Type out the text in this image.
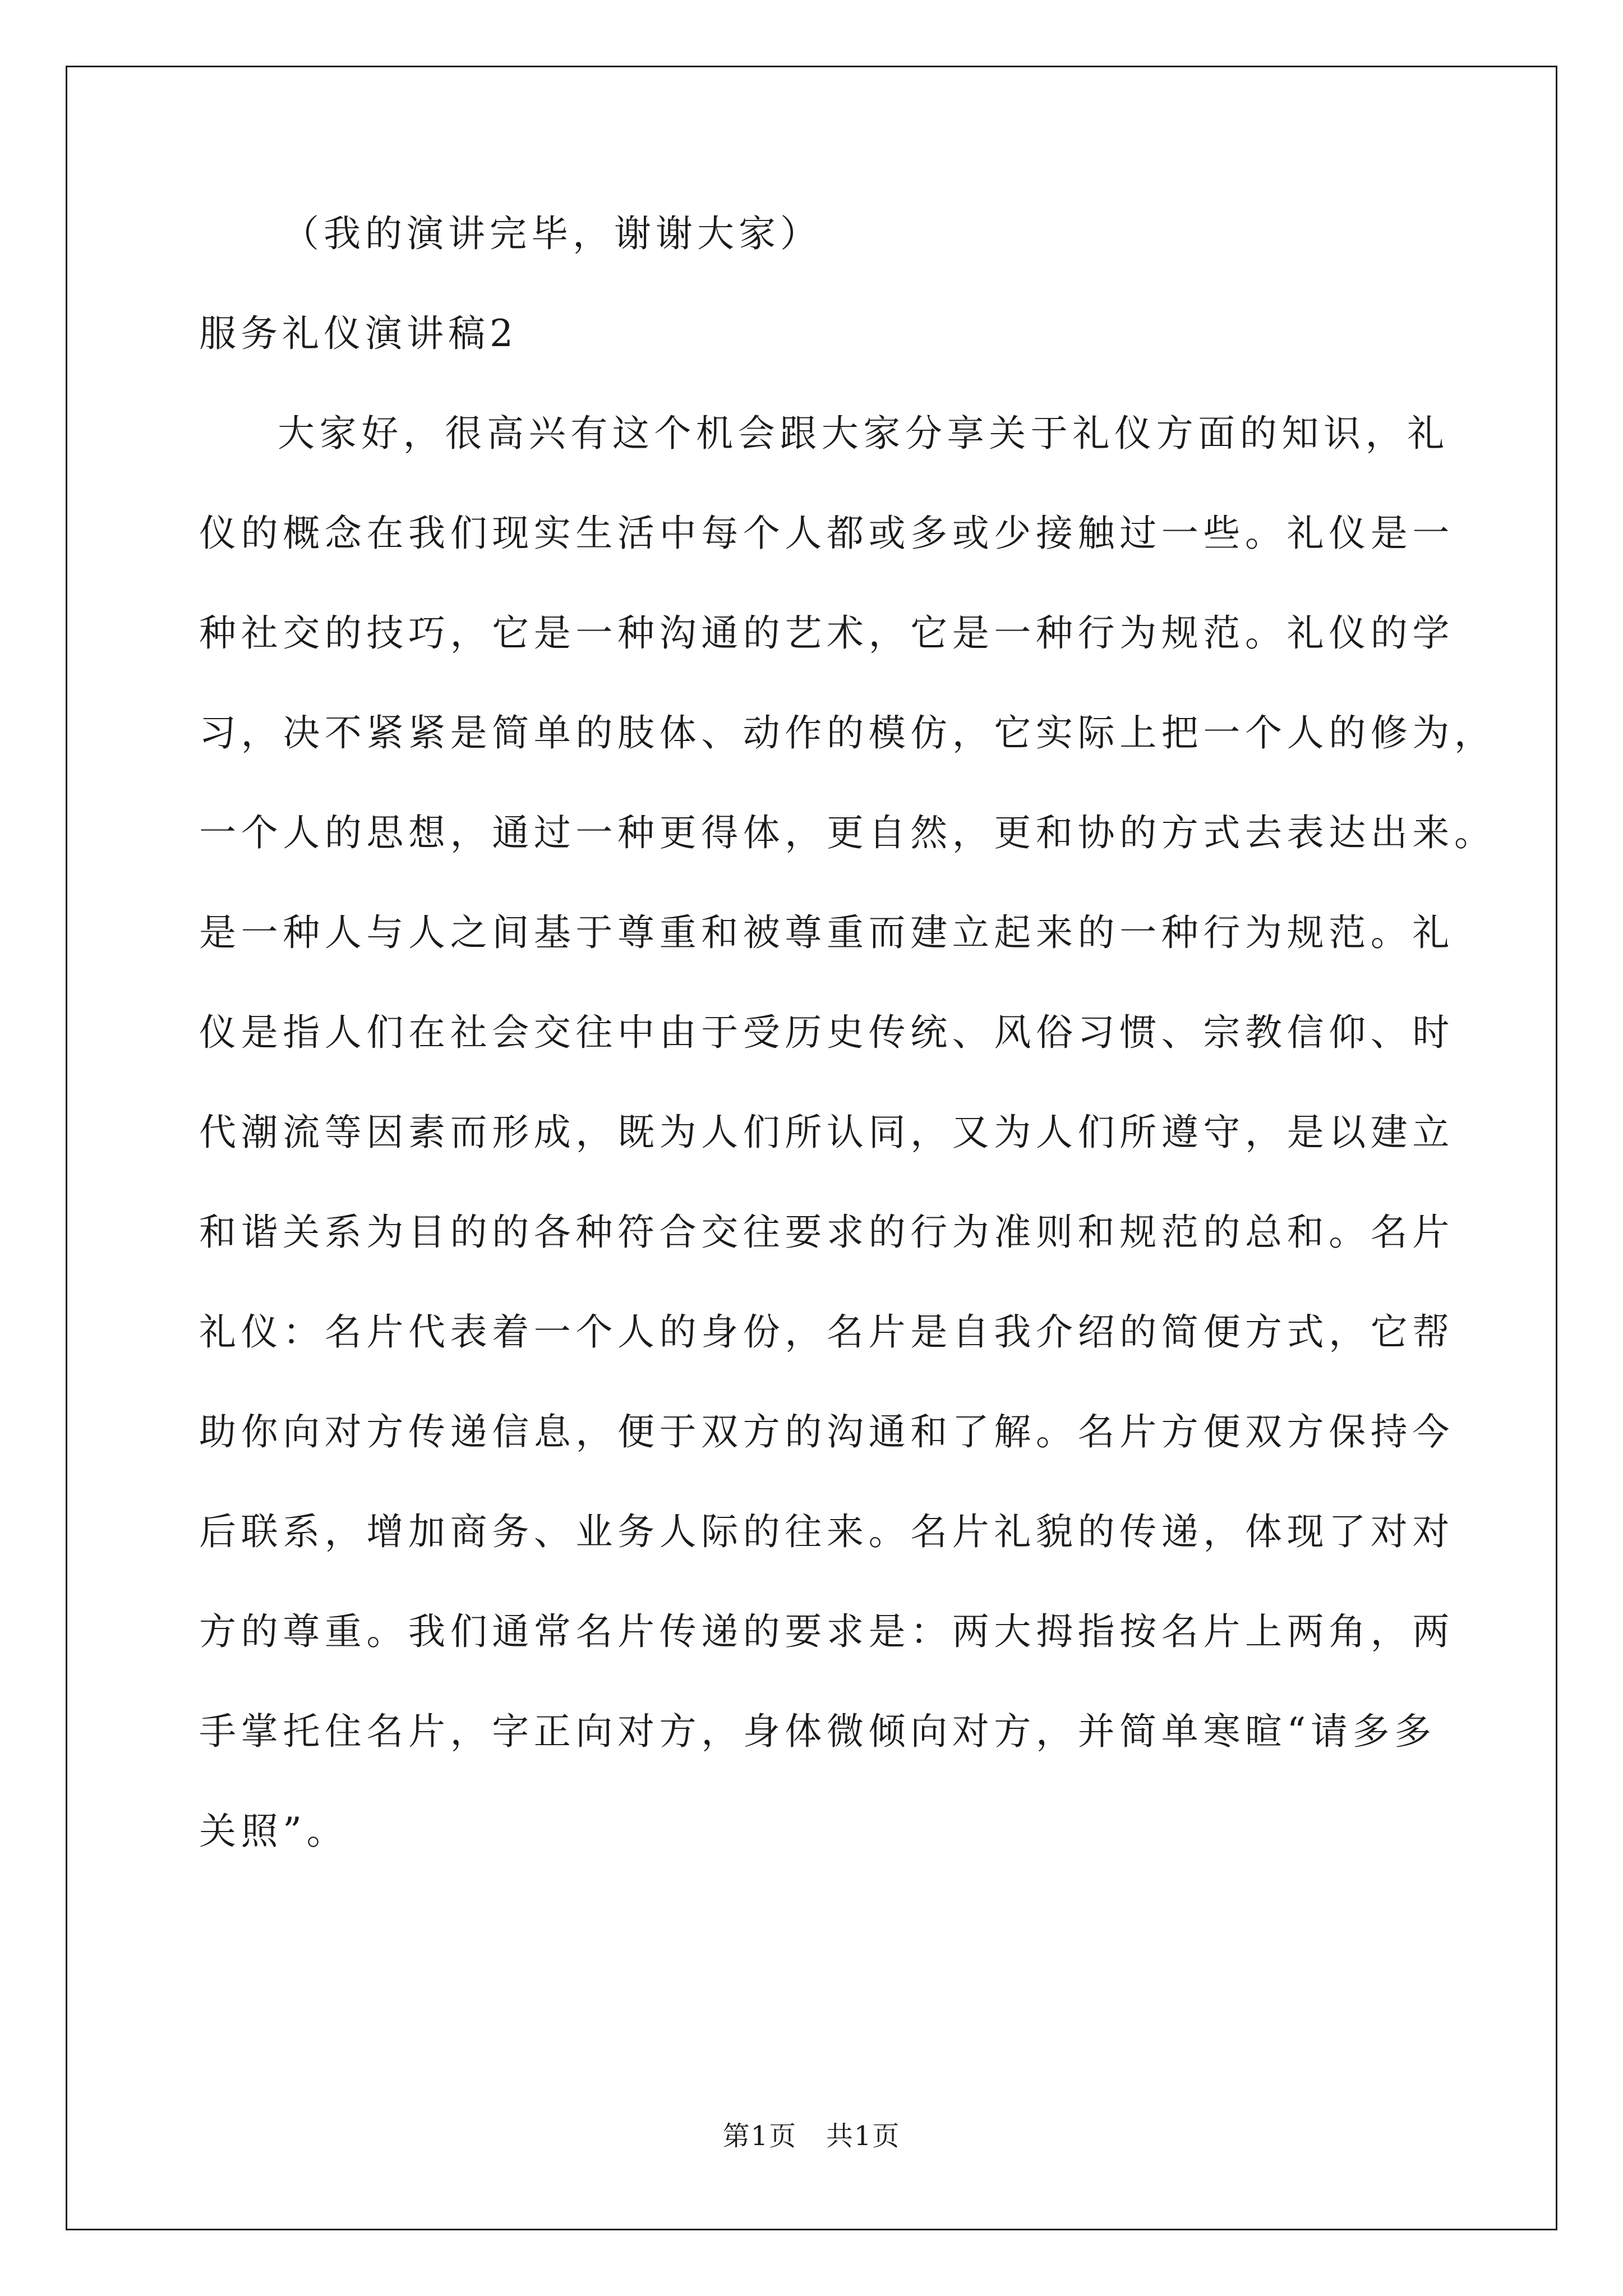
（我的演讲完毕，谢谢大家）
服务礼仪演讲稿2
大家好，很高兴有这个机会跟大家分享关于礼仪方面的知识，礼
仪的概念在我们现实生活中每个人都或多或少接触过一些。礼仪是一
种社交的技巧，它是一种沟通的艺术，它是一种行为规范。礼仪的学
习，决不紧紧是简单的肢体、动作的模仿，它实际上把一个人的修为，
一个人的思想，通过一种更得体，更自然，更和协的方式去表达出来。
是一种人与人之间基于尊重和被尊重而建立起来的一种行为规范。礼
仪是指人们在社会交往中由于受历史传统、风俗习惯、宗教信仰、时
代潮流等因素而形成，既为人们所认同，又为人们所遵守，是以建立
和谐关系为目的的各种符合交往要求的行为准则和规范的总和。名片
礼仪：名片代表着一个人的身份，名片是自我介绍的简便方式，它帮
助你向对方传递信息，便于双方的沟通和了解。名片方便双方保持今
后联系，增加商务、业务人际的往来。名片礼貌的传递，体现了对对
方的尊重。我们通常名片传递的要求是：两大拇指按名片上两角，两
手掌托住名片，字正向对方，身体微倾向对方，并简单寒暄“请多多
关照”。
第1页 共1页
